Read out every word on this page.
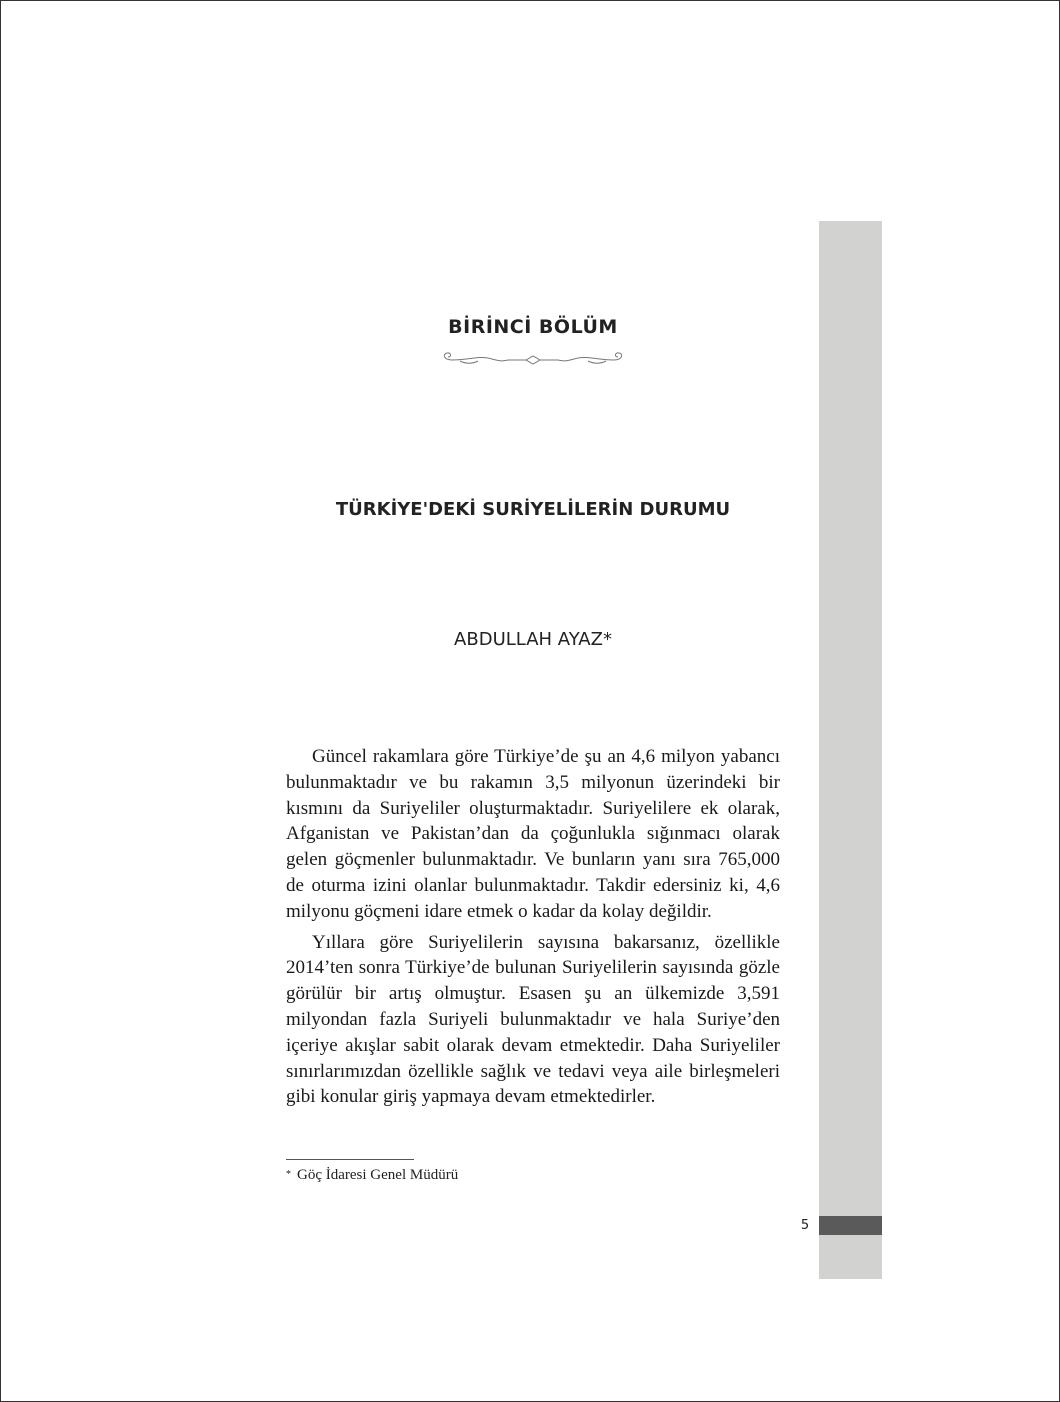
5
BİRİNCİ BÖLÜM
TÜRKİYE'DEKİ SURİYELİLERİN DURUMU
ABDULLAH AYAZ*

Güncel rakamlara göre Türkiye’de şu an 4,6 milyon yabancı bulunmaktadır ve bu rakamın 3,5 milyonun üzerindeki bir kısmını da Suriyeliler oluşturmaktadır. Suriyelilere ek olarak, Afganistan ve Pakistan’dan da çoğunlukla sığınmacı olarak gelen göçmenler bulunmaktadır. Ve bunların yanı sıra 765,000 de oturma izini olanlar bulunmaktadır. Takdir edersiniz ki, 4,6 milyonu göçmeni idare etmek o kadar da kolay değildir.

Yıllara göre Suriyelilerin sayısına bakarsanız, özellikle 2014’ten sonra Türkiye’de bulunan Suriyelilerin sayısında gözle görülür bir artış olmuştur. Esasen şu an ülkemizde 3,591 milyondan fazla Suriyeli bulunmaktadır ve hala Suriye’den içeriye akışlar sabit olarak devam etmektedir. Daha Suriyeliler sınırlarımızdan özellikle sağlık ve tedavi veya aile birleşmeleri gibi konular giriş yapmaya devam etmektedirler.

* Göç İdaresi Genel Müdürü
